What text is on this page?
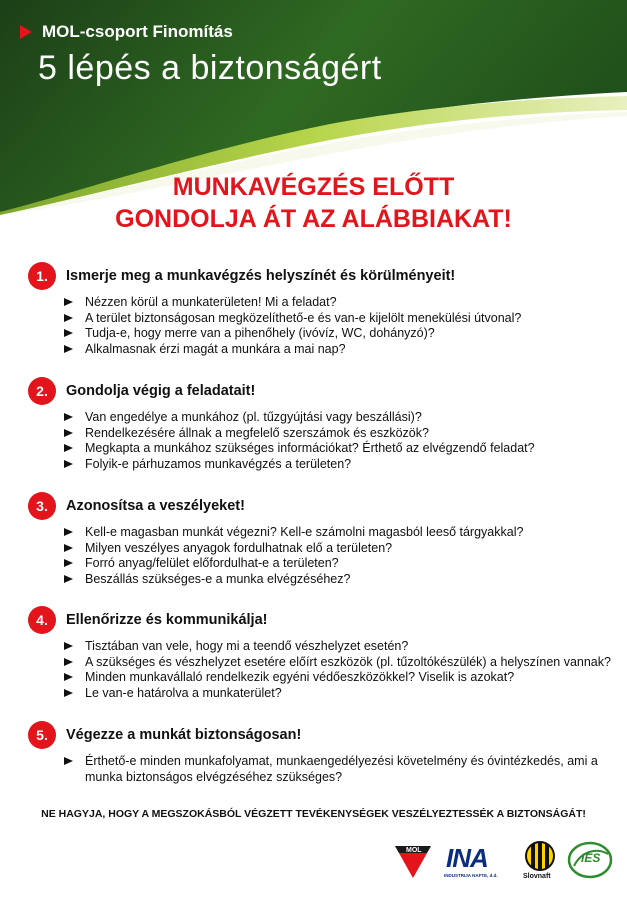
MOL-csoport Finomítás
5 lépés a biztonságért
MUNKAVÉGZÉS ELŐTT
GONDOLJA ÁT AZ ALÁBBIAKAT!
1.	Ismerje meg a munkavégzés helyszínét és körülményeit!
Nézzen körül a munkaterületen! Mi a feladat?
A terület biztonságosan megközelíthető-e és van-e kijelölt menekülési útvonal?
Tudja-e, hogy merre van a pihenőhely (ivóvíz, WC, dohányzó)?
Alkalmasnak érzi magát a munkára a mai nap?
2.	Gondolja végig a feladatait!
Van engedélye a munkához (pl. tűzgyújtási vagy beszállási)?
Rendelkezésére állnak a megfelelő szerszámok és eszközök?
Megkapta a munkához szükséges információkat? Érthető az elvégzendő feladat?
Folyik-e párhuzamos munkavégzés a területen?
3.	Azonosítsa a veszélyeket!
Kell-e magasban munkát végezni? Kell-e számolni magasból leeső tárgyakkal?
Milyen veszélyes anyagok fordulhatnak elő a területen?
Forró anyag/felület előfordulhat-e a területen?
Beszállás szükséges-e a munka elvégzéséhez?
4.	Ellenőrizze és kommunikálja!
Tisztában van vele, hogy mi a teendő vészhelyzet esetén?
A szükséges és vészhelyzet esetére előírt eszközök (pl. tűzoltókészülék) a helyszínen vannak?
Minden munkavállaló rendelkezik egyéni védőeszközökkel? Viselik is azokat?
Le van-e határolva a munkaterület?
5.	Végezze a munkát biztonságosan!
Érthető-e minden munkafolyamat, munkaengedélyezési követelmény és óvintézkedés, ami a munka biztonságos elvégzéséhez szükséges?
NE HAGYJA, HOGY A MEGSZOKÁSBÓL VÉGZETT TEVÉKENYSÉGEK VESZÉLYEZTESSÉK A BIZTONSÁGÁT!
MOL INA
INDUSTRIJA NAFTE, d.d.	Slovnaft
IES
